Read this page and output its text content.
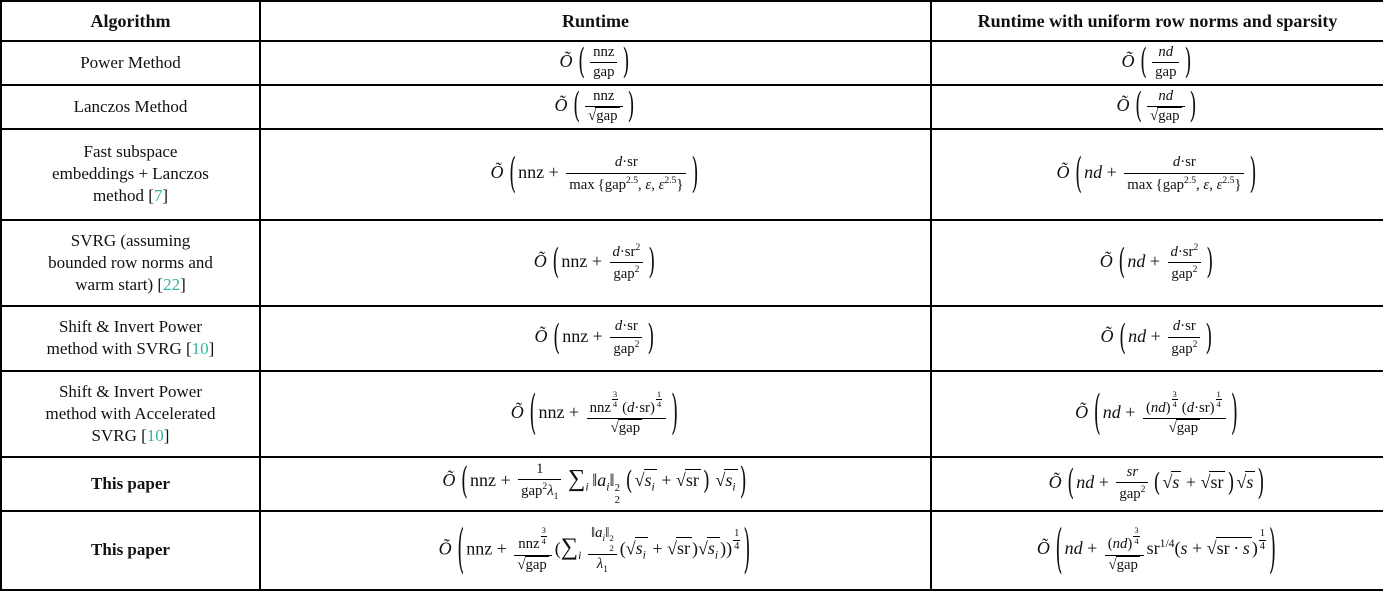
Algorithm	Runtime	Runtime with uniform row norms and sparsity
Power Method	Õ  ( $\frac{\text{nnz}}{\text{gap}}$ )	Õ  ( $\frac{nd}{\text{gap}}$ )
Lanczos Method	Õ  ( $\frac{\text{nnz}}{\text{√gap}}$ )	Õ  ( $\frac{nd}{\text{√gap}}$ )
Fast subspace
embeddings + Lanczos
method [7]	Õ  ( nnz + $\frac{d\cdot sr}{\max \{gap^{2.5}, \varepsilon, \varepsilon^{2.5}\}}$ )	Õ  ( nd + $\frac{d\cdot sr}{\max \{gap^{2.5}, \varepsilon, \varepsilon^{2.5}\}}$ )
SVRG (assuming
bounded row norms and
warm start) [22]	Õ  ( nnz + $\frac{d\cdot sr^2}{gap^2}$ )	Õ  ( nd + $\frac{d\cdot sr^2}{gap^2}$ )
Shift & Invert Power
method with SVRG [10]	Õ  ( nnz + $\frac{d\cdot sr}{gap^2}$ )	Õ  ( nd + $\frac{d\cdot sr}{gap^2}$ )
Shift & Invert Power
method with Accelerated
SVRG [10]	Õ  ( nnz + $\frac{nnz \frac{3}{4} (d\cdot sr) \frac{1}{4}}{\text{√gap}}$ )	Õ  ( nd + $\frac{(nd) \frac{3}{4} (d\cdot sr) \frac{1}{4}}{\text{√gap}}$ )
This paper	Õ  ( nnz + $\frac{1}{gap^2\lambda_1}$
  $\sum_i$ $‖a_i‖$ 2
2
 ( $√s_i + √sr$ )  $√s_i$ )	Õ  ( nd + $\frac{sr}{gap^2}$ ( √s + √sr ) √s )
This paper	Õ  ( nnz + $\frac{nnz \frac{3}{4}}{\text{√gap}} (\sum_i$  $‖a_i‖$ 2
2
$\lambda_1$ ($√s_i + √sr$ )$√s_i$ )) $\frac{1}{4}$ )	Õ  ( nd + $\frac{(nd) \frac{3}{4}}{\text{√gap}} sr^{1/4}(s + √sr \cdot s$ ) $\frac{1}{4}$ )
